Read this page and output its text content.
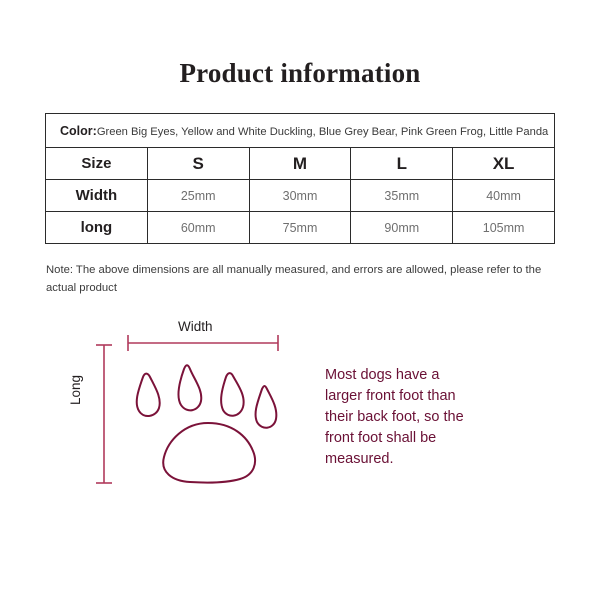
Product information
Color:Green Big Eyes, Yellow and White Duckling, Blue Grey Bear, Pink Green Frog, Little Panda				
Size	S	M	L	XL
Width	25mm	30mm	35mm	40mm
long	60mm	75mm	90mm	105mm
Note: The above dimensions are all manually measured, and errors are allowed, please refer to the actual product
Width
Long	Most dogs have a
larger front foot than
their back foot, so the
front foot shall be
measured.
